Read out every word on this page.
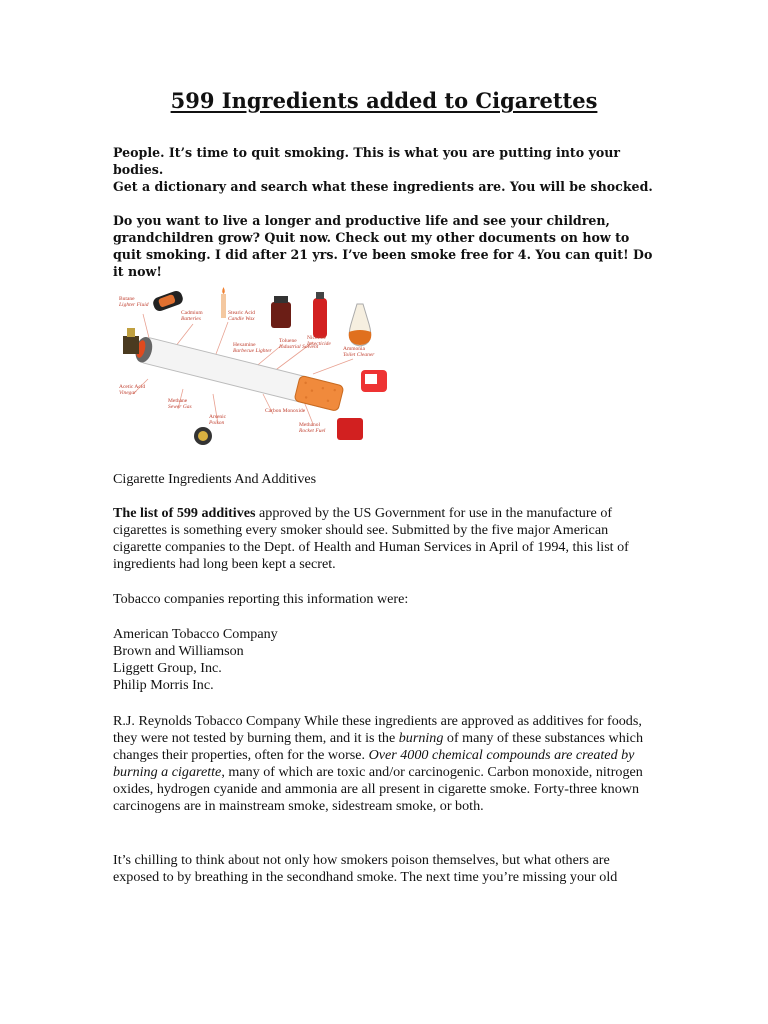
599 Ingredients added to Cigarettes
People. It’s time to quit smoking. This is what you are putting into your bodies.
Get a dictionary and search what these ingredients are. You will be shocked.
Do you want to live a longer and productive life and see your children, grandchildren grow? Quit now. Check out my other documents on how to quit smoking. I did after 21 yrs. I’ve been smoke free for 4. You can quit! Do it now!
Cadmium
Batteries
Stearic Acid
Candle Wax
Toluene
Industrial Solvent
Nicotine
Insecticide
Butane
Lighter Fluid
Hexamine
Barbecue Lighter	Ammonia
Toilet Cleaner
Acetic Acid
Vinegar
Methane
Sewer Gas
Arsenic
Poison
Carbon Monoxide
Methanol
Rocket Fuel
Cigarette Ingredients And Additives
The list of 599 additives approved by the US Government for use in the manufacture of cigarettes is something every smoker should see. Submitted by the five major American cigarette companies to the Dept. of Health and Human Services in April of 1994, this list of ingredients had long been kept a secret.
Tobacco companies reporting this information were:
American Tobacco Company
Brown and Williamson
Liggett Group, Inc.
Philip Morris Inc.
R.J. Reynolds Tobacco Company While these ingredients are approved as additives for foods, they were not tested by burning them, and it is the burning of many of these substances which changes their properties, often for the worse. Over 4000 chemical compounds are created by burning a cigarette, many of which are toxic and/or carcinogenic. Carbon monoxide, nitrogen oxides, hydrogen cyanide and ammonia are all present in cigarette smoke. Forty-three known carcinogens are in mainstream smoke, sidestream smoke, or both.
It’s chilling to think about not only how smokers poison themselves, but what others are exposed to by breathing in the secondhand smoke. The next time you’re missing your old
